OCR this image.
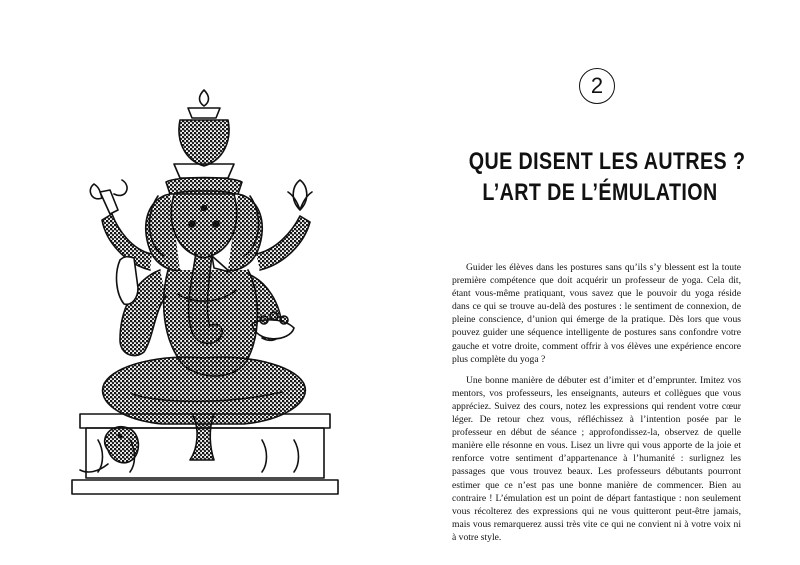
2
QUE DISENT LES AUTRES ?
L’ART DE L’ÉMULATION

Guider les élèves dans les postures sans qu’ils s’y blessent est la toute première compétence que doit acquérir un professeur de yoga. Cela dit, étant vous-même pratiquant, vous savez que le pouvoir du yoga réside dans ce qui se trouve au-delà des postures : le sentiment de connexion, de pleine conscience, d’union qui émerge de la pratique. Dès lors que vous pouvez guider une séquence intelligente de postures sans confondre votre gauche et votre droite, comment offrir à vos élèves une expérience encore plus complète du yoga ?

Une bonne manière de débuter est d’imiter et d’emprunter. Imitez vos mentors, vos professeurs, les enseignants, auteurs et collègues que vous appréciez. Suivez des cours, notez les expressions qui rendent votre cœur léger. De retour chez vous, réfléchissez à l’intention posée par le professeur en début de séance ; approfondissez-la, observez de quelle manière elle résonne en vous. Lisez un livre qui vous apporte de la joie et renforce votre sentiment d’appartenance à l’humanité : surlignez les passages que vous trouvez beaux. Les professeurs débutants pourront estimer que ce n’est pas une bonne manière de commencer. Bien au contraire ! L’émulation est un point de départ fantastique : non seulement vous récolterez des expressions qui ne vous quitteront peut-être jamais, mais vous remarquerez aussi très vite ce qui ne convient ni à votre voix ni à votre style.
